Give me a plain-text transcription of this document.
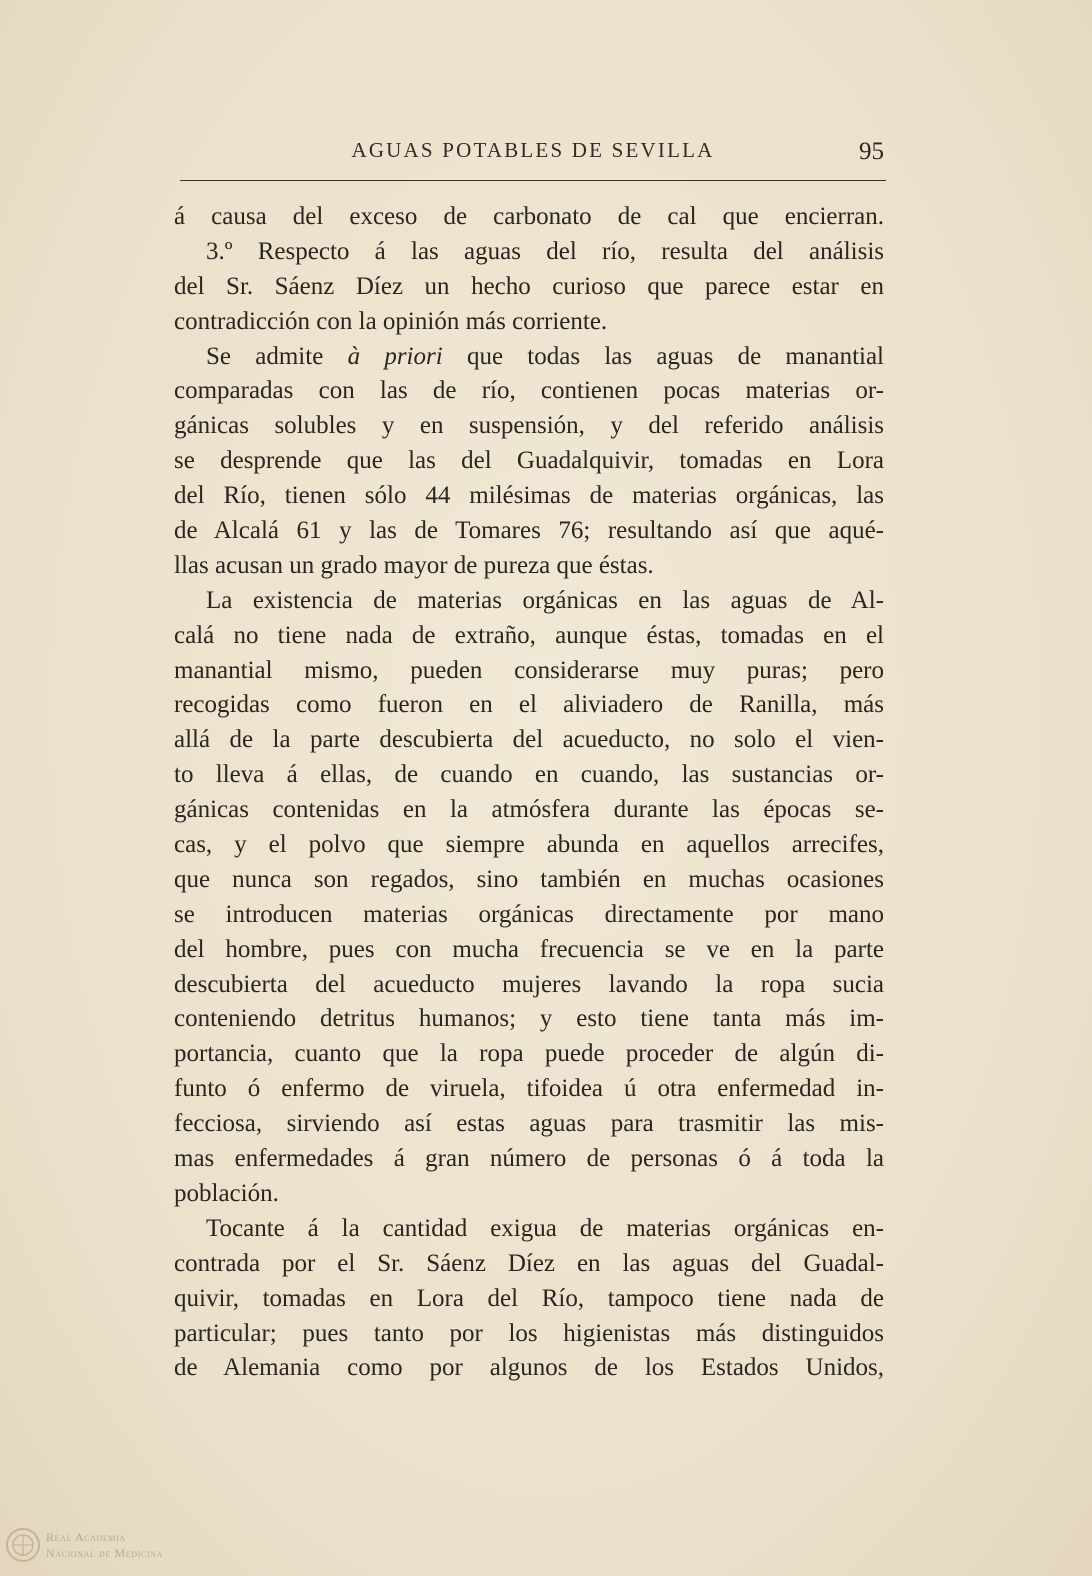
AGUAS POTABLES DE SEVILLA	95
á causa del exceso de carbonato de cal que encierran.
3.º Respecto á las aguas del río, resulta del análisis
del Sr. Sáenz Díez un hecho curioso que parece estar en
contradicción con la opinión más corriente.
Se admite à priori que todas las aguas de manantial
comparadas con las de río, contienen pocas materias or-
gánicas solubles y en suspensión, y del referido análisis
se desprende que las del Guadalquivir, tomadas en Lora
del Río, tienen sólo 44 milésimas de materias orgánicas, las
de Alcalá 61 y las de Tomares 76; resultando así que aqué-
llas acusan un grado mayor de pureza que éstas.
La existencia de materias orgánicas en las aguas de Al-
calá no tiene nada de extraño, aunque éstas, tomadas en el
manantial mismo, pueden considerarse muy puras; pero
recogidas como fueron en el aliviadero de Ranilla, más
allá de la parte descubierta del acueducto, no solo el vien-
to lleva á ellas, de cuando en cuando, las sustancias or-
gánicas contenidas en la atmósfera durante las épocas se-
cas, y el polvo que siempre abunda en aquellos arrecifes,
que nunca son regados, sino también en muchas ocasiones
se introducen materias orgánicas directamente por mano
del hombre, pues con mucha frecuencia se ve en la parte
descubierta del acueducto mujeres lavando la ropa sucia
conteniendo detritus humanos; y esto tiene tanta más im-
portancia, cuanto que la ropa puede proceder de algún di-
funto ó enfermo de viruela, tifoidea ú otra enfermedad in-
fecciosa, sirviendo así estas aguas para trasmitir las mis-
mas enfermedades á gran número de personas ó á toda la
población.
Tocante á la cantidad exigua de materias orgánicas en-
contrada por el Sr. Sáenz Díez en las aguas del Guadal-
quivir, tomadas en Lora del Río, tampoco tiene nada de
particular; pues tanto por los higienistas más distinguidos
de Alemania como por algunos de los Estados Unidos,
Real Academia
Nacional de Medicina
